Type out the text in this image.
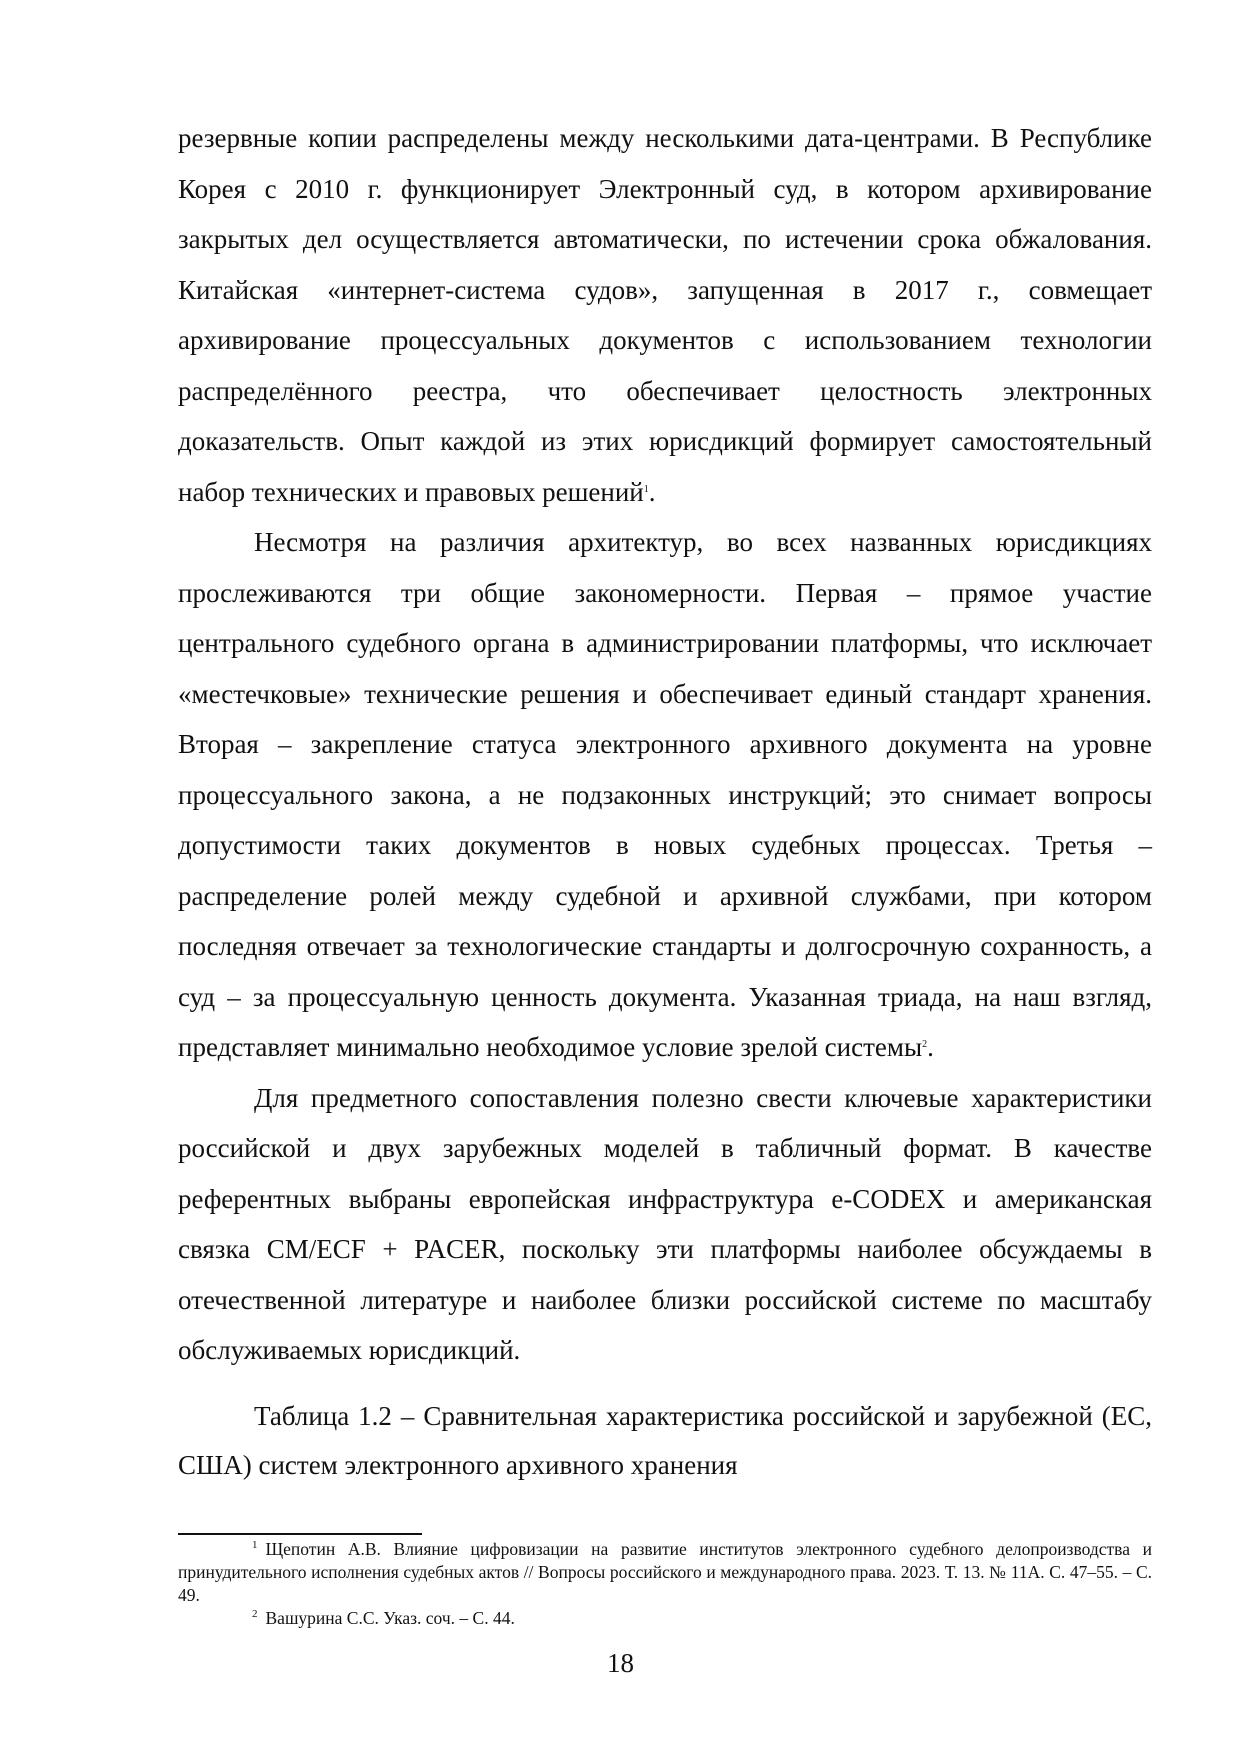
резервные копии распределены между несколькими дата-центрами. В Республике Корея с 2010 г. функционирует Электронный суд, в котором архивирование закрытых дел осуществляется автоматически, по истечении срока обжалования. Китайская «интернет-система судов», запущенная в 2017 г., совмещает архивирование процессуальных документов с использованием технологии распределённого реестра, что обеспечивает целостность электронных доказательств. Опыт каждой из этих юрисдикций формирует самостоятельный набор технических и правовых решений$^1$.

Несмотря на различия архитектур, во всех названных юрисдикциях прослеживаются три общие закономерности. Первая – прямое участие центрального судебного органа в администрировании платформы, что исключает «местечковые» технические решения и обеспечивает единый стандарт хранения. Вторая – закрепление статуса электронного архивного документа на уровне процессуального закона, а не подзаконных инструкций; это снимает вопросы допустимости таких документов в новых судебных процессах. Третья – распределение ролей между судебной и архивной службами, при котором последняя отвечает за технологические стандарты и долгосрочную сохранность, а суд – за процессуальную ценность документа. Указанная триада, на наш взгляд, представляет минимально необходимое условие зрелой системы$^2$.

Для предметного сопоставления полезно свести ключевые характеристики российской и двух зарубежных моделей в табличный формат. В качестве референтных выбраны европейская инфраструктура e-CODEX и американская связка CM/ECF + PACER, поскольку эти платформы наиболее обсуждаемы в отечественной литературе и наиболее близки российской системе по масштабу обслуживаемых юрисдикций.

Таблица 1.2 – Сравнительная характеристика российской и зарубежной (ЕС, США) систем электронного архивного хранения

$^1$ Щепотин А.В. Влияние цифровизации на развитие институтов электронного судебного делопроизводства и принудительного исполнения судебных актов // Вопросы российского и международного права. 2023. Т. 13. № 11А. С. 47–55. – С. 49.

$^2$ Вашурина С.С. Указ. соч. – С. 44.

18
